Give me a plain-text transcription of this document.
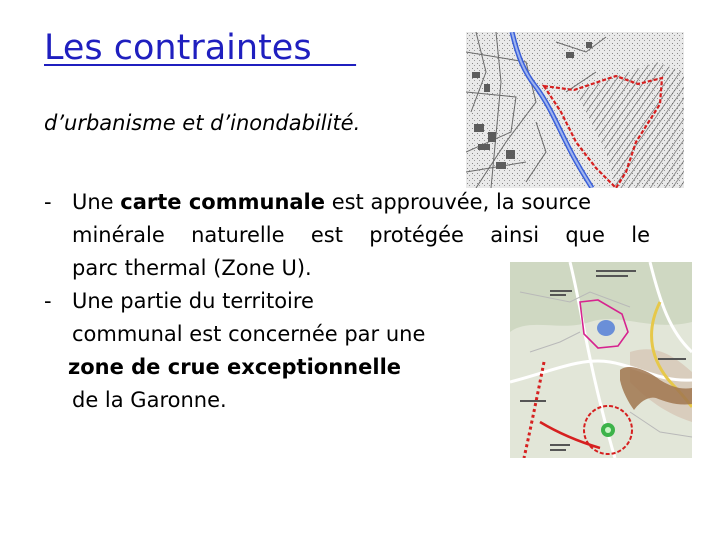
Les contraintes
d’urbanisme et d’inondabilité.
- Une carte communale est approuvée, la source
minérale naturelle est protégée ainsi que le
parc thermal (Zone U).
- Une partie du territoire
communal est concernée par une
zone de crue exceptionnelle
de la Garonne.
